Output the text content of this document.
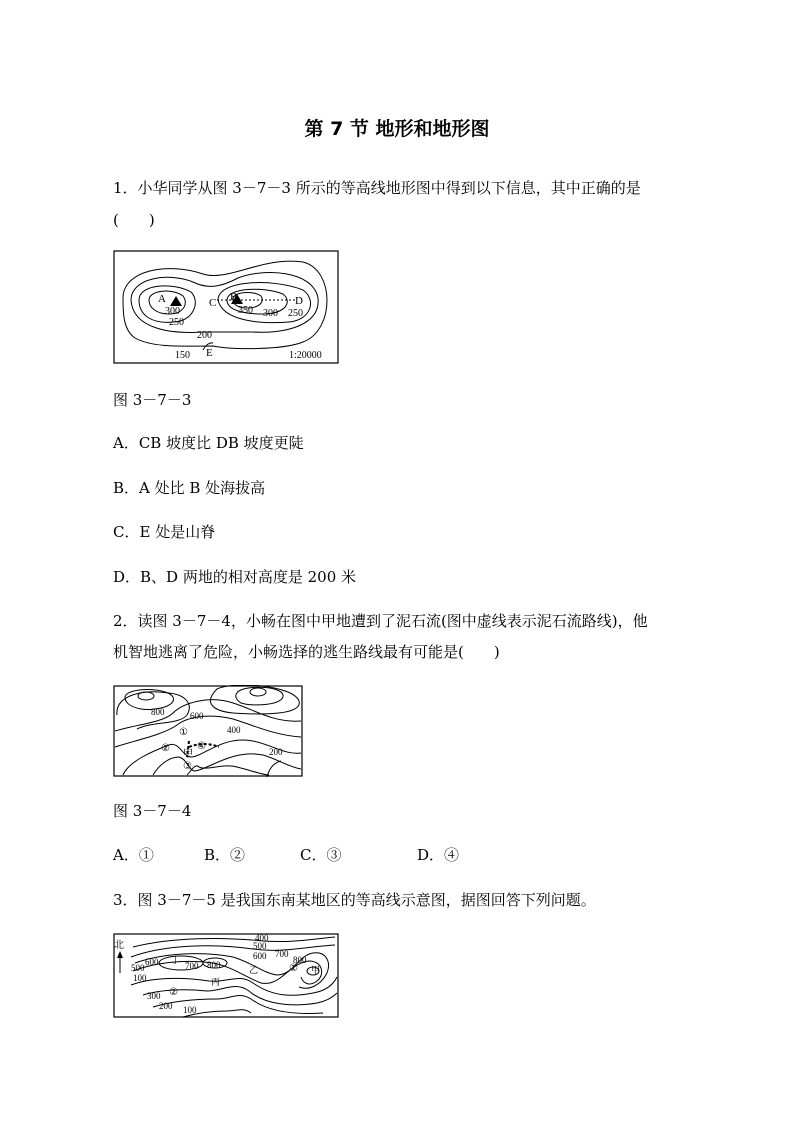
第 7 节 地形和地形图
1．小华同学从图 3－7－3 所示的等高线地形图中得到以下信息，其中正确的是
(　　)
A	B
C	D
E
300
250
350 300 250
200
150	1:20000
图 3－7－3
A．CB 坡度比 DB 坡度更陡
B．A 处比 B 处海拔高
C．E 处是山脊
D．B、D 两地的相对高度是 200 米
2．读图 3－7－4，小畅在图中甲地遭到了泥石流(图中虚线表示泥石流路线)，他
机智地逃离了危险，小畅选择的逃生路线最有可能是(　　)
800	600
400
200
①
②	④
甲
③
图 3－7－4
A．①	B．②	C．③	D．④
3．图 3－7－5 是我国东南某地区的等高线示意图，据图回答下列问题。
北
400
500
700
600	800
600 丁
700 800
500
100	丙
乙	① 甲
300 ②
200 100
